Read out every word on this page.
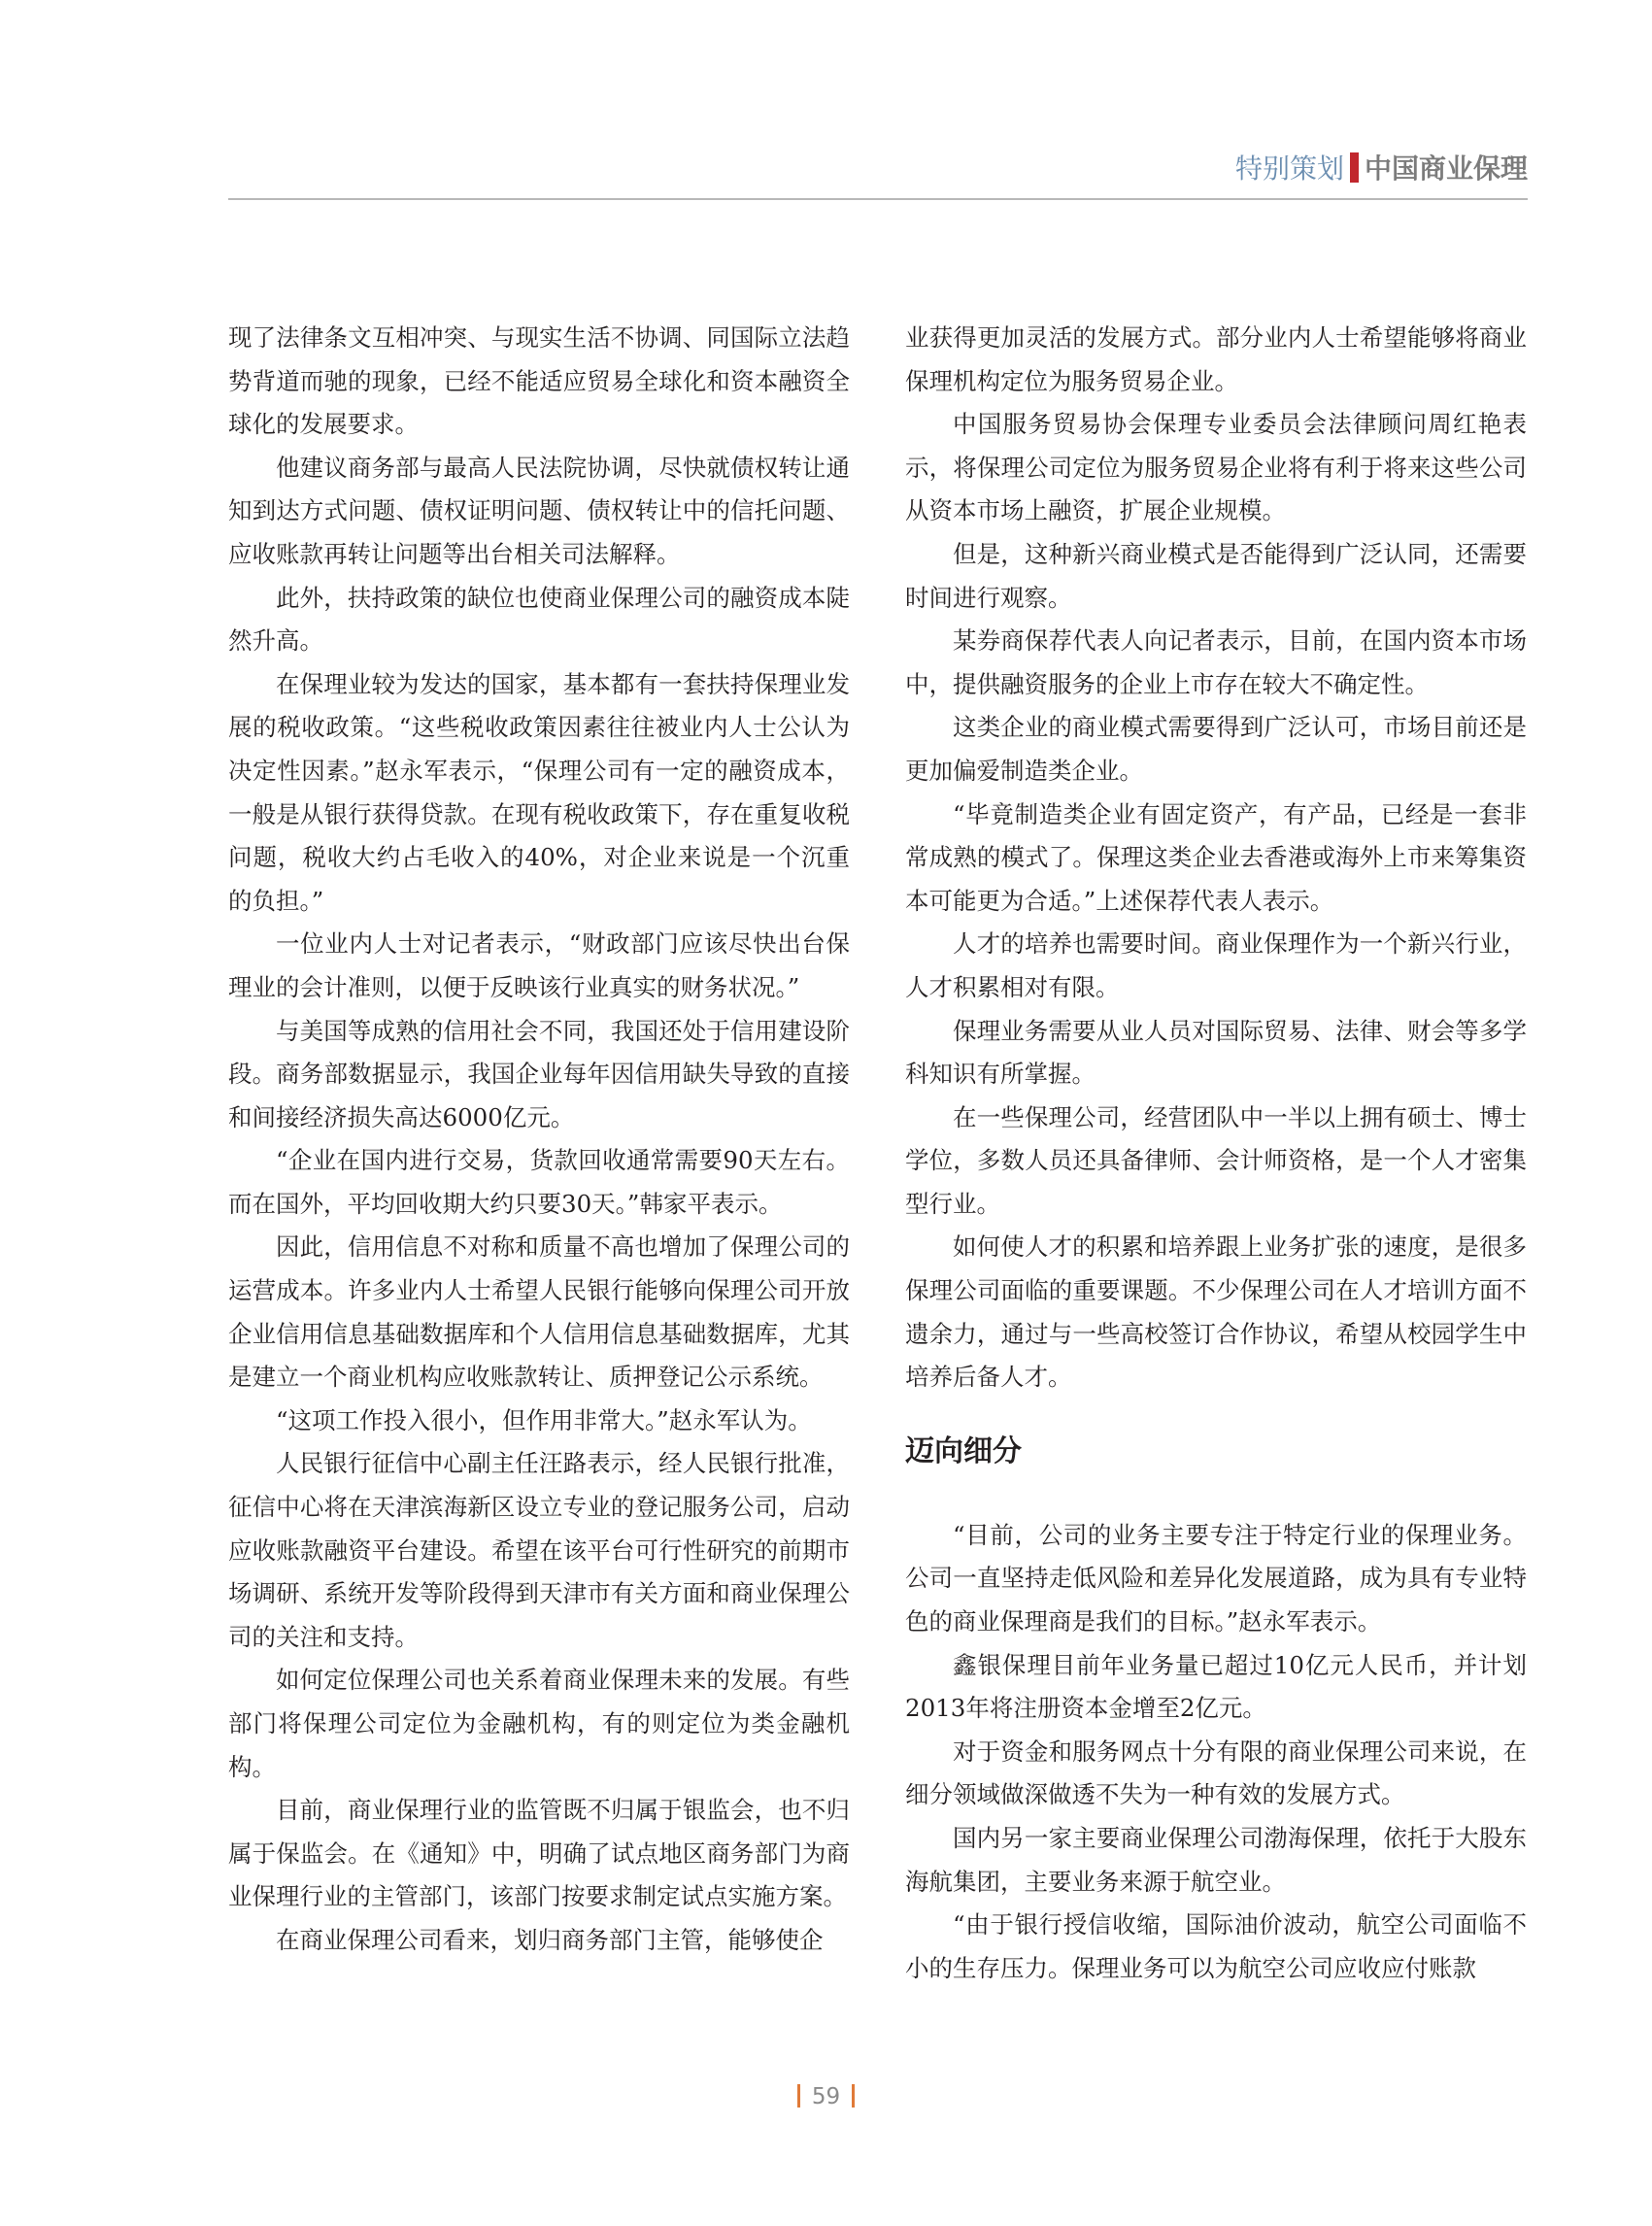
特别策划 中国商业保理

现了法律条文互相冲突、与现实生活不协调、同国际立法趋势背道而驰的现象，已经不能适应贸易全球化和资本融资全球化的发展要求。

他建议商务部与最高人民法院协调，尽快就债权转让通知到达方式问题、债权证明问题、债权转让中的信托问题、应收账款再转让问题等出台相关司法解释。

此外，扶持政策的缺位也使商业保理公司的融资成本陡然升高。

在保理业较为发达的国家，基本都有一套扶持保理业发展的税收政策。“这些税收政策因素往往被业内人士公认为决定性因素。”赵永军表示，“保理公司有一定的融资成本，一般是从银行获得贷款。在现有税收政策下，存在重复收税问题，税收大约占毛收入的40%，对企业来说是一个沉重的负担。”

一位业内人士对记者表示，“财政部门应该尽快出台保理业的会计准则，以便于反映该行业真实的财务状况。”

与美国等成熟的信用社会不同，我国还处于信用建设阶段。商务部数据显示，我国企业每年因信用缺失导致的直接和间接经济损失高达6000亿元。

“企业在国内进行交易，货款回收通常需要90天左右。而在国外，平均回收期大约只要30天。”韩家平表示。

因此，信用信息不对称和质量不高也增加了保理公司的运营成本。许多业内人士希望人民银行能够向保理公司开放企业信用信息基础数据库和个人信用信息基础数据库，尤其是建立一个商业机构应收账款转让、质押登记公示系统。

“这项工作投入很小，但作用非常大。”赵永军认为。

人民银行征信中心副主任汪路表示，经人民银行批准，征信中心将在天津滨海新区设立专业的登记服务公司，启动应收账款融资平台建设。希望在该平台可行性研究的前期市场调研、系统开发等阶段得到天津市有关方面和商业保理公司的关注和支持。

如何定位保理公司也关系着商业保理未来的发展。有些部门将保理公司定位为金融机构，有的则定位为类金融机构。

目前，商业保理行业的监管既不归属于银监会，也不归属于保监会。在《通知》中，明确了试点地区商务部门为商业保理行业的主管部门，该部门按要求制定试点实施方案。

在商业保理公司看来，划归商务部门主管，能够使企

业获得更加灵活的发展方式。部分业内人士希望能够将商业保理机构定位为服务贸易企业。

中国服务贸易协会保理专业委员会法律顾问周红艳表示，将保理公司定位为服务贸易企业将有利于将来这些公司从资本市场上融资，扩展企业规模。

但是，这种新兴商业模式是否能得到广泛认同，还需要时间进行观察。

某券商保荐代表人向记者表示，目前，在国内资本市场中，提供融资服务的企业上市存在较大不确定性。

这类企业的商业模式需要得到广泛认可，市场目前还是更加偏爱制造类企业。

“毕竟制造类企业有固定资产，有产品，已经是一套非常成熟的模式了。保理这类企业去香港或海外上市来筹集资本可能更为合适。”上述保荐代表人表示。

人才的培养也需要时间。商业保理作为一个新兴行业，人才积累相对有限。

保理业务需要从业人员对国际贸易、法律、财会等多学科知识有所掌握。

在一些保理公司，经营团队中一半以上拥有硕士、博士学位，多数人员还具备律师、会计师资格，是一个人才密集型行业。

如何使人才的积累和培养跟上业务扩张的速度，是很多保理公司面临的重要课题。不少保理公司在人才培训方面不遗余力，通过与一些高校签订合作协议，希望从校园学生中培养后备人才。

迈向细分

“目前，公司的业务主要专注于特定行业的保理业务。公司一直坚持走低风险和差异化发展道路，成为具有专业特色的商业保理商是我们的目标。”赵永军表示。

鑫银保理目前年业务量已超过10亿元人民币，并计划2013年将注册资本金增至2亿元。

对于资金和服务网点十分有限的商业保理公司来说，在细分领域做深做透不失为一种有效的发展方式。

国内另一家主要商业保理公司渤海保理，依托于大股东海航集团，主要业务来源于航空业。

“由于银行授信收缩，国际油价波动，航空公司面临不小的生存压力。保理业务可以为航空公司应收应付账款

59
